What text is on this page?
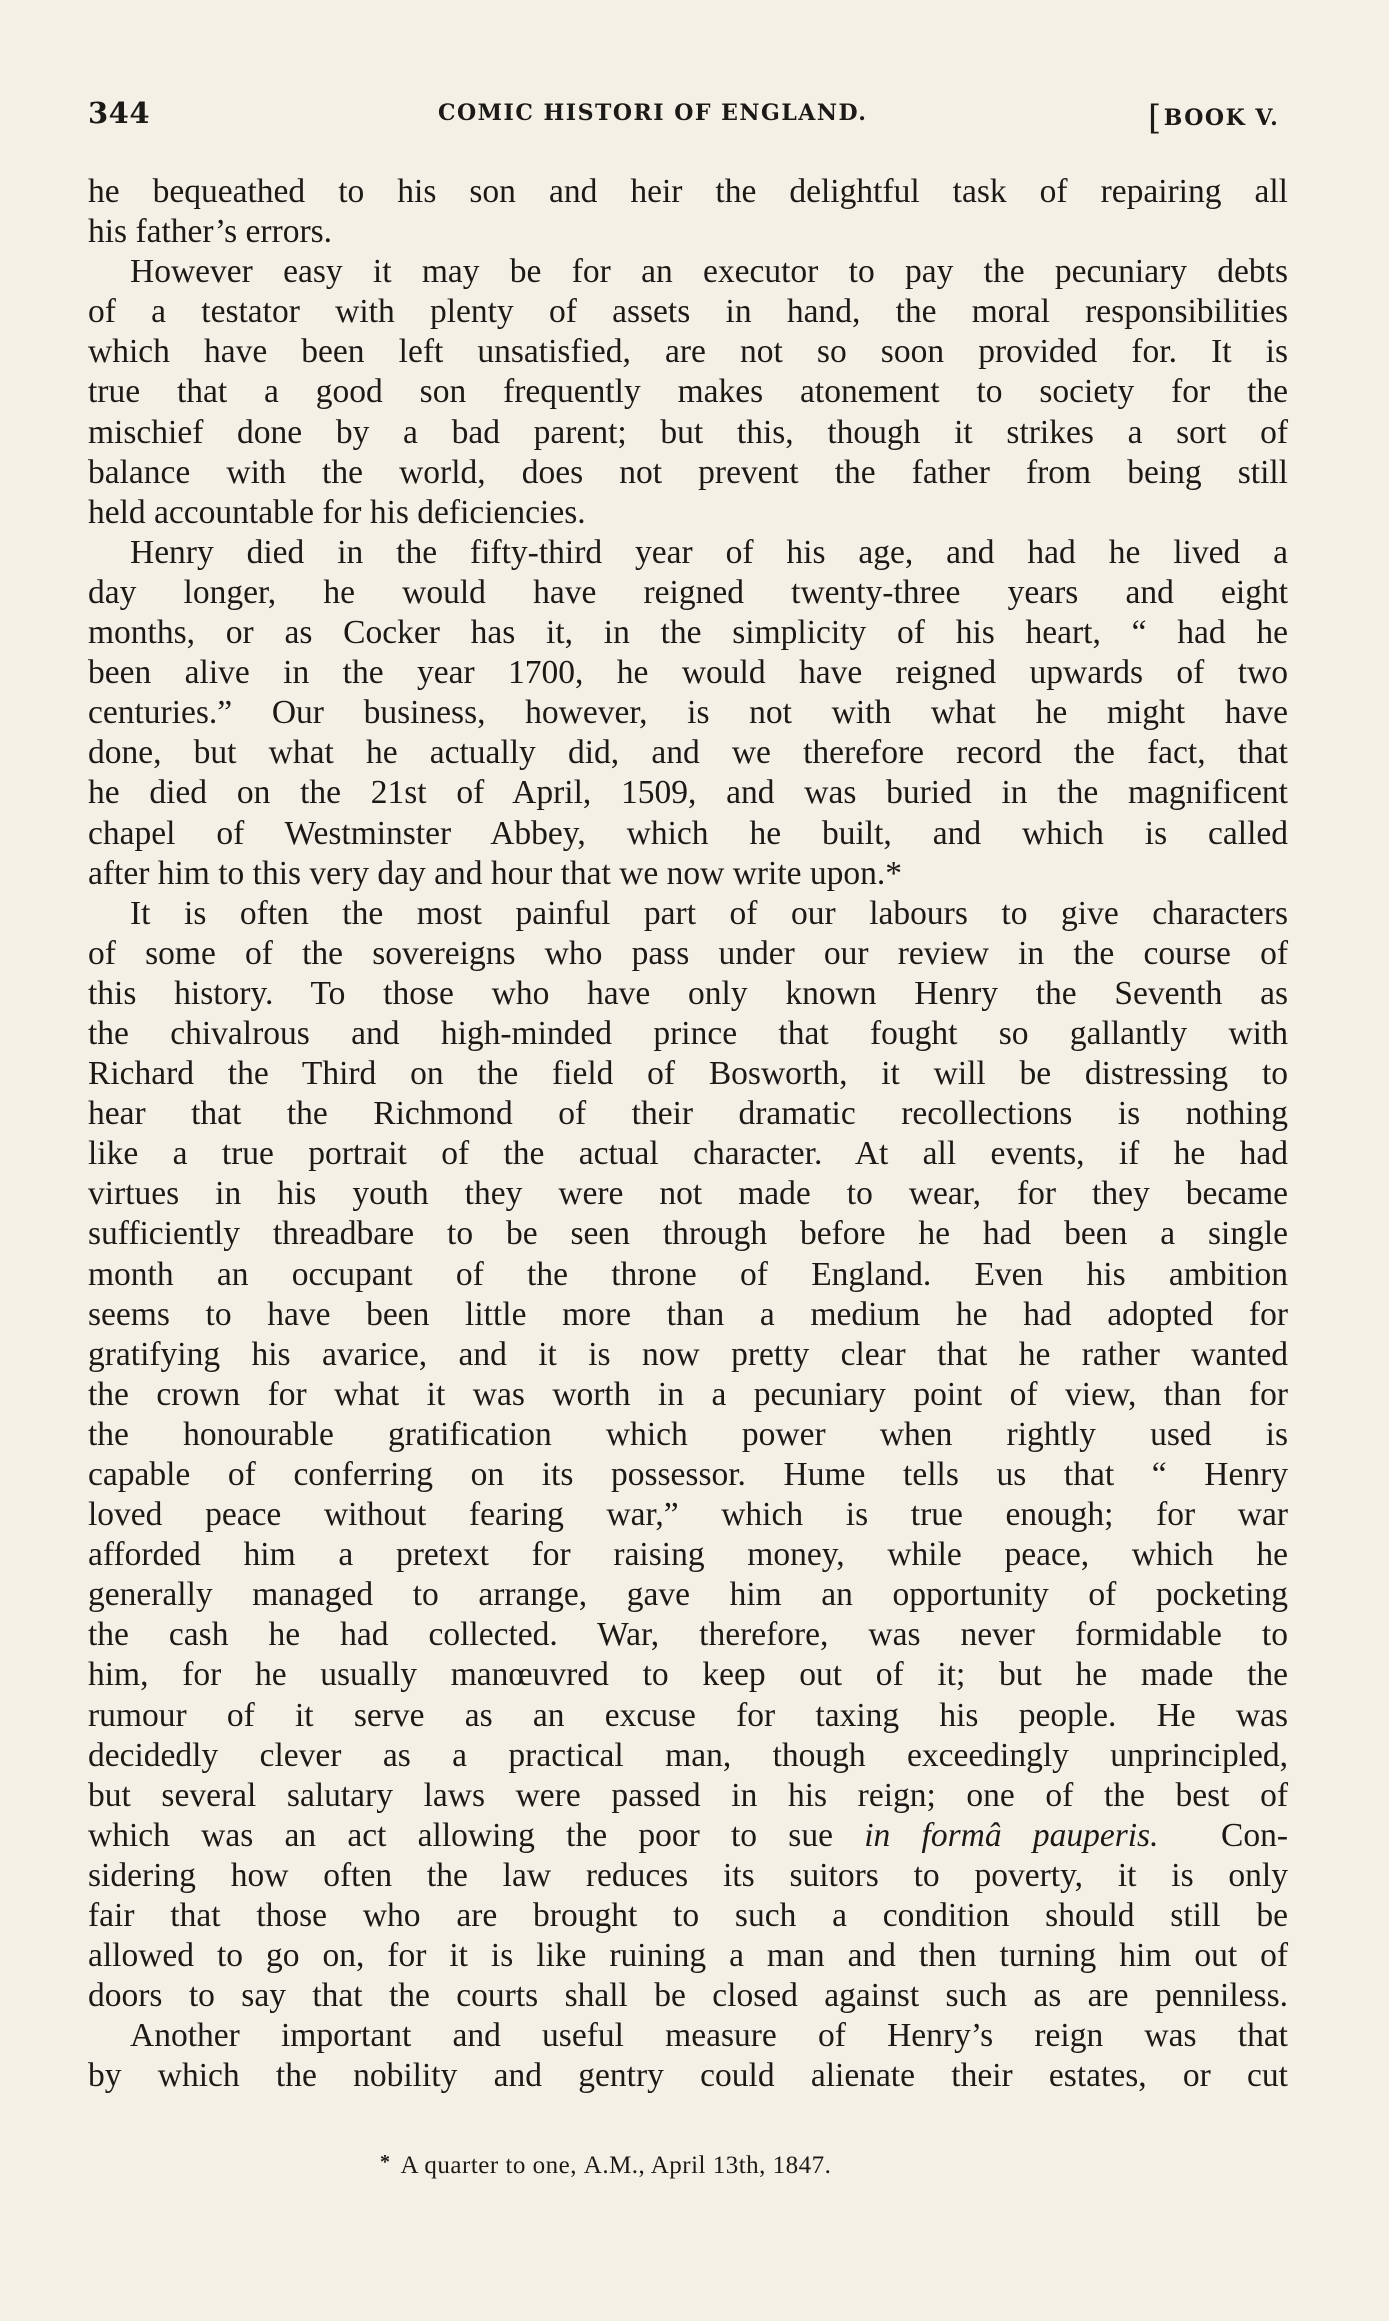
344	COMIC HISTORI OF ENGLAND.	[BOOK V.
he bequeathed to his son and heir the delightful task of repairing all
his father’s errors.
However easy it may be for an executor to pay the pecuniary debts
of a testator with plenty of assets in hand, the moral responsibilities
which have been left unsatisfied, are not so soon provided for. It is
true that a good son frequently makes atonement to society for the
mischief done by a bad parent; but this, though it strikes a sort of
balance with the world, does not prevent the father from being still
held accountable for his deficiencies.
Henry died in the fifty-third year of his age, and had he lived a
day longer, he would have reigned twenty-three years and eight
months, or as Cocker has it, in the simplicity of his heart, “ had he
been alive in the year 1700, he would have reigned upwards of two
centuries.” Our business, however, is not with what he might have
done, but what he actually did, and we therefore record the fact, that
he died on the 21st of April, 1509, and was buried in the magnificent
chapel of Westminster Abbey, which he built, and which is called
after him to this very day and hour that we now write upon.*
It is often the most painful part of our labours to give characters
of some of the sovereigns who pass under our review in the course of
this history. To those who have only known Henry the Seventh as
the chivalrous and high-minded prince that fought so gallantly with
Richard the Third on the field of Bosworth, it will be distressing to
hear that the Richmond of their dramatic recollections is nothing
like a true portrait of the actual character. At all events, if he had
virtues in his youth they were not made to wear, for they became
sufficiently threadbare to be seen through before he had been a single
month an occupant of the throne of England. Even his ambition
seems to have been little more than a medium he had adopted for
gratifying his avarice, and it is now pretty clear that he rather wanted
the crown for what it was worth in a pecuniary point of view, than for
the honourable gratification which power when rightly used is
capable of conferring on its possessor. Hume tells us that “ Henry
loved peace without fearing war,” which is true enough; for war
afforded him a pretext for raising money, while peace, which he
generally managed to arrange, gave him an opportunity of pocketing
the cash he had collected. War, therefore, was never formidable to
him, for he usually manœuvred to keep out of it; but he made the
rumour of it serve as an excuse for taxing his people. He was
decidedly clever as a practical man, though exceedingly unprincipled,
but several salutary laws were passed in his reign; one of the best of
which was an act allowing the poor to sue in formâ pauperis.  Con-
sidering how often the law reduces its suitors to poverty, it is only
fair that those who are brought to such a condition should still be
allowed to go on, for it is like ruining a man and then turning him out of
doors to say that the courts shall be closed against such as are penniless.
Another important and useful measure of Henry’s reign was that
by which the nobility and gentry could alienate their estates, or cut
* A quarter to one, A.M., April 13th, 1847.
